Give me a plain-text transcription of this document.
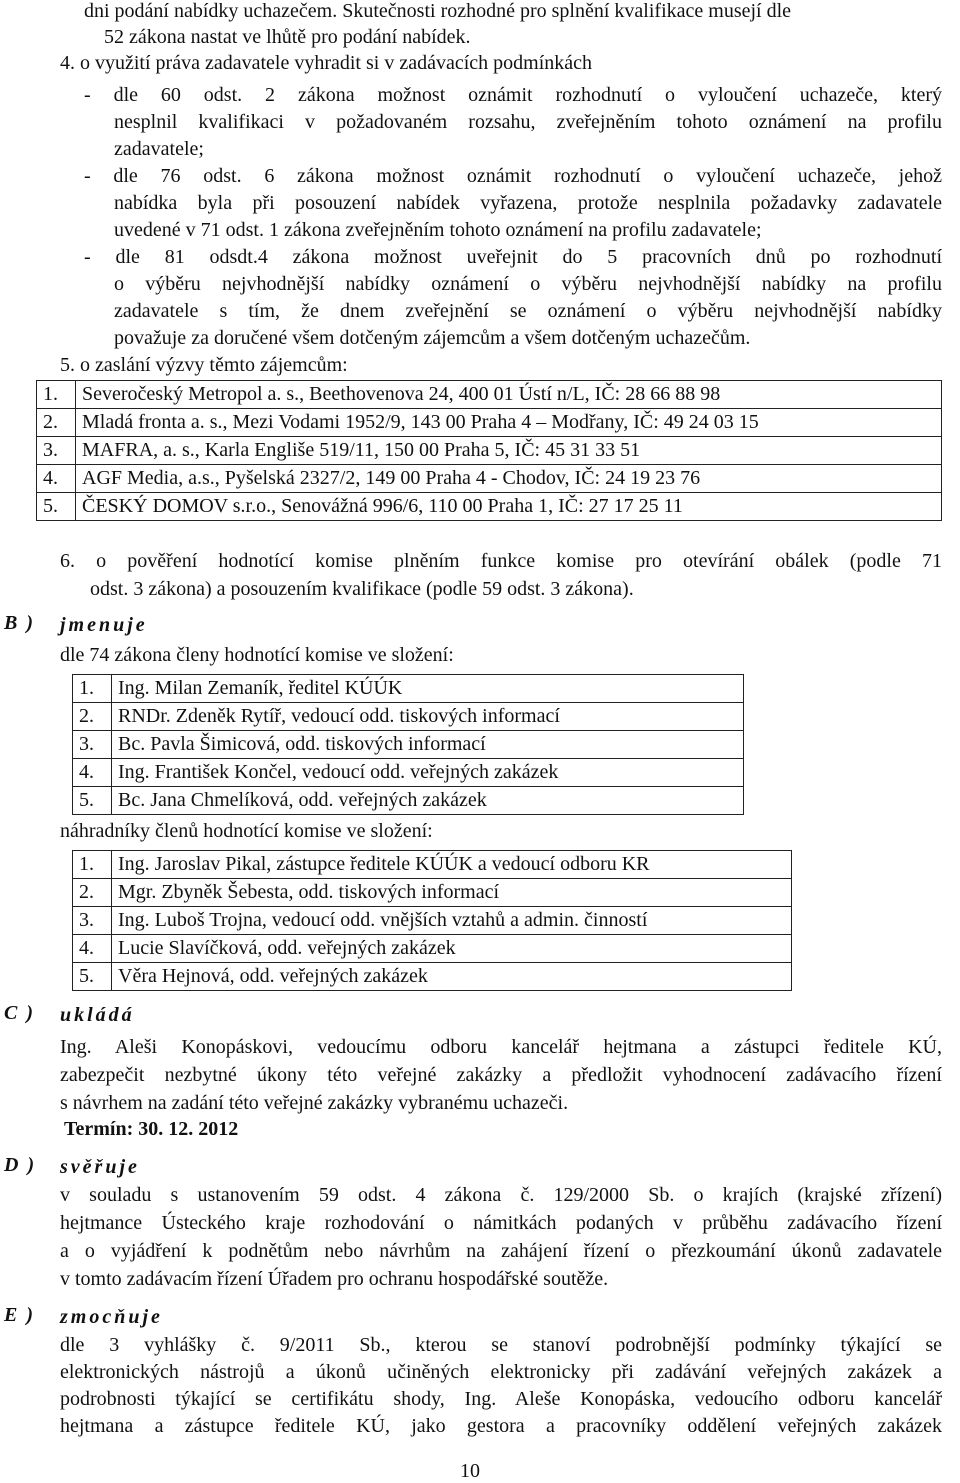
dni podání nabídky uchazečem. Skutečnosti rozhodné pro splnění kvalifikace musejí dle
52 zákona nastat ve lhůtě pro podání nabídek.
4. o využití práva zadavatele vyhradit si v zadávacích podmínkách
- dle 60 odst. 2 zákona možnost oznámit rozhodnutí o vyloučení uchazeče, který
nesplnil kvalifikaci v požadovaném rozsahu, zveřejněním tohoto oznámení na profilu
zadavatele;
- dle 76 odst. 6 zákona možnost oznámit rozhodnutí o vyloučení uchazeče, jehož
nabídka byla při posouzení nabídek vyřazena, protože nesplnila požadavky zadavatele
uvedené v 71 odst. 1 zákona zveřejněním tohoto oznámení na profilu zadavatele;
- dle 81 odsdt.4 zákona možnost uveřejnit do 5 pracovních dnů po rozhodnutí
o výběru nejvhodnější nabídky oznámení o výběru nejvhodnější nabídky na profilu
zadavatele s tím, že dnem zveřejnění se oznámení o výběru nejvhodnější nabídky
považuje za doručené všem dotčeným zájemcům a všem dotčeným uchazečům.
5. o zaslání výzvy těmto zájemcům:
1.	Severočeský Metropol a. s., Beethovenova 24, 400 01 Ústí n/L, IČ: 28 66 88 98
2.	Mladá fronta a. s., Mezi Vodami 1952/9, 143 00 Praha 4 – Modřany, IČ: 49 24 03 15
3.	MAFRA, a. s., Karla Engliše 519/11, 150 00 Praha 5, IČ: 45 31 33 51
4.	AGF Media, a.s., Pyšelská 2327/2, 149 00 Praha 4 - Chodov, IČ: 24 19 23 76
5.	ČESKÝ DOMOV s.r.o., Senovážná 996/6, 110 00 Praha 1, IČ: 27 17 25 11
6. o pověření hodnotící komise plněním funkce komise pro otevírání obálek (podle 71
odst. 3 zákona) a posouzením kvalifikace (podle 59 odst. 3 zákona).
B ) jmenuje
dle 74 zákona členy hodnotící komise ve složení:
1.	Ing. Milan Zemaník, ředitel KÚÚK
2.	RNDr. Zdeněk Rytíř, vedoucí odd. tiskových informací
3.	Bc. Pavla Šimicová, odd. tiskových informací
4.	Ing. František Končel, vedoucí odd. veřejných zakázek
5.	Bc. Jana Chmelíková, odd. veřejných zakázek
náhradníky členů hodnotící komise ve složení:
1.	Ing. Jaroslav Pikal, zástupce ředitele KÚÚK a vedoucí odboru KR
2.	Mgr. Zbyněk Šebesta, odd. tiskových informací
3.	Ing. Luboš Trojna, vedoucí odd. vnějších vztahů a admin. činností
4.	Lucie Slavíčková, odd. veřejných zakázek
5.	Věra Hejnová, odd. veřejných zakázek
C ) ukládá
Ing. Aleši Konopáskovi, vedoucímu odboru kancelář hejtmana a zástupci ředitele KÚ,
zabezpečit nezbytné úkony této veřejné zakázky a předložit vyhodnocení zadávacího řízení
s návrhem na zadání této veřejné zakázky vybranému uchazeči.
Termín: 30. 12. 2012
D ) svěřuje
v souladu s ustanovením 59 odst. 4 zákona č. 129/2000 Sb. o krajích (krajské zřízení)
hejtmance Ústeckého kraje rozhodování o námitkách podaných v průběhu zadávacího řízení
a o vyjádření k podnětům nebo návrhům na zahájení řízení o přezkoumání úkonů zadavatele
v tomto zadávacím řízení Úřadem pro ochranu hospodářské soutěže.
E ) zmocňuje
dle 3 vyhlášky č. 9/2011 Sb., kterou se stanoví podrobnější podmínky týkající se
elektronických nástrojů a úkonů učiněných elektronicky při zadávání veřejných zakázek a
podrobnosti týkající se certifikátu shody, Ing. Aleše Konopáska, vedoucího odboru kancelář
hejtmana a zástupce ředitele KÚ, jako gestora a pracovníky oddělení veřejných zakázek
10
